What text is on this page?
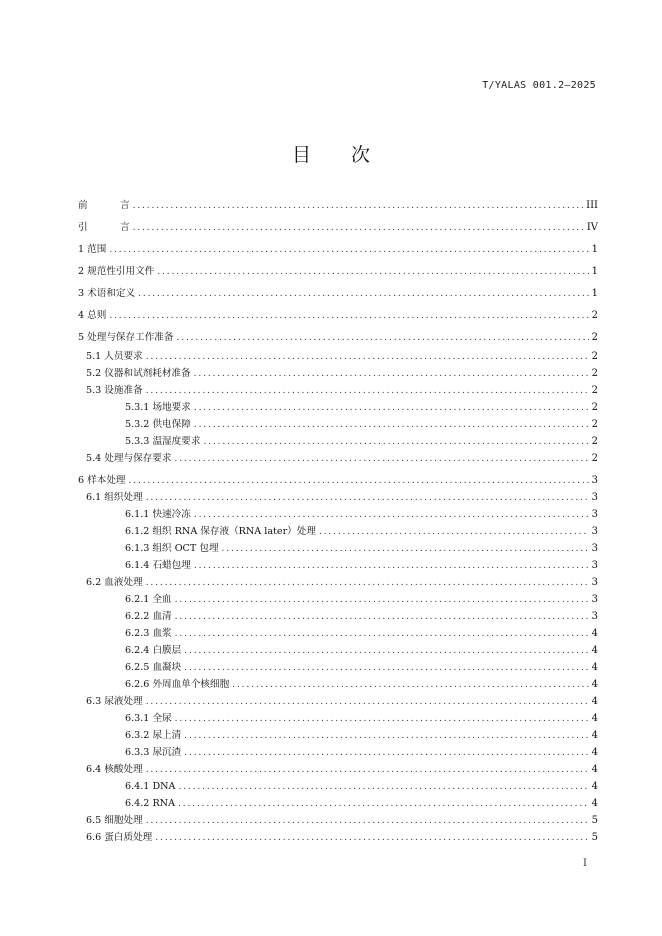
T/YALAS 001.2—2025
目 次
前	言 . . .	III
引	言 . . .	IV
1 范围 . . .	1
2 规范性引用文件 . . .	1
3 术语和定义 . . .	1
4 总则 . . .	2
5 处理与保存工作准备 . . .	2
5.1 人员要求 . . .	2
5.2 仪器和试剂耗材准备 . . .	2
5.3 设施准备 . . .	2
5.3.1 场地要求 . . .	2
5.3.2 供电保障 . . .	2
5.3.3 温湿度要求 . . .	2
5.4 处理与保存要求 . . .	2
6 样本处理 . . .	3
6.1 组织处理 . . .	3
6.1.1 快速冷冻 . . .	3
6.1.2 组织 RNA 保存液（RNA later）处理 . . .	3
6.1.3 组织 OCT 包埋 . . .	3
6.1.4 石蜡包埋 . . .	3
6.2 血液处理 . . .	3
6.2.1 全血 . . .	3
6.2.2 血清 . . .	3
6.2.3 血浆 . . .	4
6.2.4 白膜层 . . .	4
6.2.5 血凝块 . . .	4
6.2.6 外周血单个核细胞 . . .	4
6.3 尿液处理 . . .	4
6.3.1 全尿 . . .	4
6.3.2 尿上清 . . .	4
6.3.3 尿沉渣 . . .	4
6.4 核酸处理 . . .	4
6.4.1 DNA . . .	4
6.4.2 RNA . . .	4
6.5 细胞处理 . . .	5
6.6 蛋白质处理 . . .	5
I
